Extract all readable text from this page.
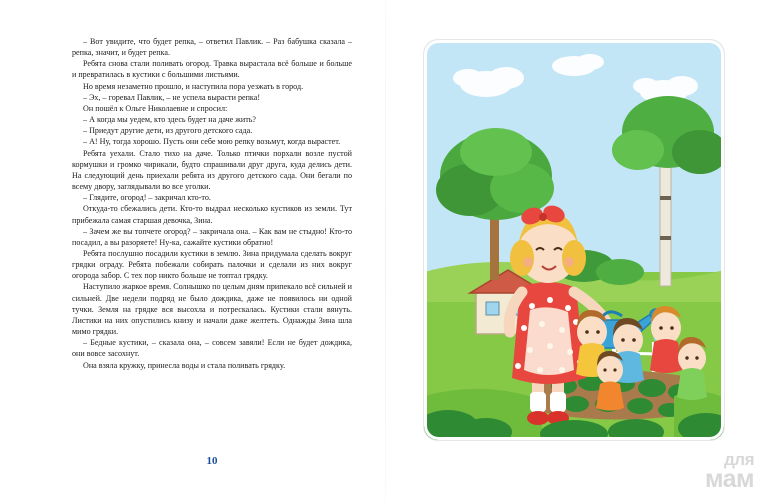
– Вот увидите, что будет репка, – ответил Павлик. – Раз бабушка сказала – репка, значит, и будет репка.

Ребята снова стали поливать огород. Травка вырастала всё больше и больше и превратилась в кустики с большими листьями.

Но время незаметно прошло, и наступила пора уезжать в город.

– Эх, – горевал Павлик, – не успела вырасти репка!

Он пошёл к Ольге Николаевне и спросил:

– А когда мы уедем, кто здесь будет на даче жить?

– Приедут другие дети, из другого детского сада.

– А! Ну, тогда хорошо. Пусть они себе мою репку возьмут, когда вырастет.

Ребята уехали. Стало тихо на даче. Только птички порхали возле пустой кормушки и громко чирикали, будто спрашивали друг друга, куда делись дети. На следующий день приехали ребята из другого детского сада. Они бегали по всему двору, заглядывали во все уголки.

– Глядите, огород! – закричал кто-то.

Откуда-то сбежались дети. Кто-то выдрал несколько кустиков из земли. Тут прибежала самая старшая девочка, Зина.

– Зачем же вы топчете огород? – закричала она. – Как вам не стыдно! Кто-то посадил, а вы разоряете! Ну-ка, сажайте кустики обратно!

Ребята послушно посадили кустики в землю. Зина придумала сделать вокруг грядки ограду. Ребята побежали собирать палочки и сделали из них вокруг огорода забор. С тех пор никто больше не топтал грядку.

Наступило жаркое время. Солнышко по целым дням припекало всё сильней и сильней. Две недели подряд не было дождика, даже не появилось ни одной тучки. Земля на грядке вся высохла и потрескалась. Кустики стали вянуть. Листики на них опустились книзу и начали даже желтеть. Однажды Зина шла мимо грядки.

– Бедные кустики, – сказала она, – совсем завяли! Если не будет дождика, они вовсе засохнут.

Она взяла кружку, принесла воды и стала поливать грядку.

10	для
мам
